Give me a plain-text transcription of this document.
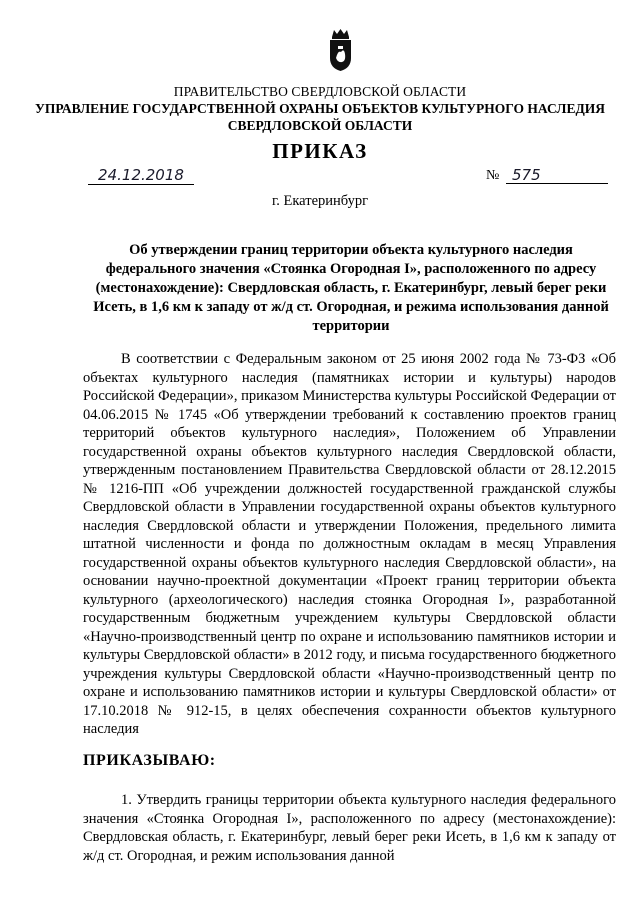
ПРАВИТЕЛЬСТВО СВЕРДЛОВСКОЙ ОБЛАСТИ
УПРАВЛЕНИЕ ГОСУДАРСТВЕННОЙ ОХРАНЫ ОБЪЕКТОВ КУЛЬТУРНОГО НАСЛЕДИЯ СВЕРДЛОВСКОЙ ОБЛАСТИ
ПРИКАЗ
24.12.2018	№ 575
г. Екатеринбург
Об утверждении границ территории объекта культурного наследия федерального значения «Стоянка Огородная I», расположенного по адресу (местонахождение): Свердловская область, г. Екатеринбург, левый берег реки Исеть, в 1,6 км к западу от ж/д ст. Огородная, и режима использования данной территории
В соответствии с Федеральным законом от 25 июня 2002 года № 73-ФЗ «Об объектах культурного наследия (памятниках истории и культуры) народов Российской Федерации», приказом Министерства культуры Российской Федерации от 04.06.2015 № 1745 «Об утверждении требований к составлению проектов границ территорий объектов культурного наследия», Положением об Управлении государственной охраны объектов культурного наследия Свердловской области, утвержденным постановлением Правительства Свердловской области от 28.12.2015 № 1216-ПП «Об учреждении должностей государственной гражданской службы Свердловской области в Управлении государственной охраны объектов культурного наследия Свердловской области и утверждении Положения, предельного лимита штатной численности и фонда по должностным окладам в месяц Управления государственной охраны объектов культурного наследия Свердловской области», на основании научно-проектной документации «Проект границ территории объекта культурного (археологического) наследия стоянка Огородная I», разработанной государственным бюджетным учреждением культуры Свердловской области «Научно-производственный центр по охране и использованию памятников истории и культуры Свердловской области» в 2012 году, и письма государственного бюджетного учреждения культуры Свердловской области «Научно-производственный центр по охране и использованию памятников истории и культуры Свердловской области» от 17.10.2018 № 912-15, в целях обеспечения сохранности объектов культурного наследия
ПРИКАЗЫВАЮ:
1. Утвердить границы территории объекта культурного наследия федерального значения «Стоянка Огородная I», расположенного по адресу (местонахождение): Свердловская область, г. Екатеринбург, левый берег реки Исеть, в 1,6 км к западу от ж/д ст. Огородная, и режим использования данной
